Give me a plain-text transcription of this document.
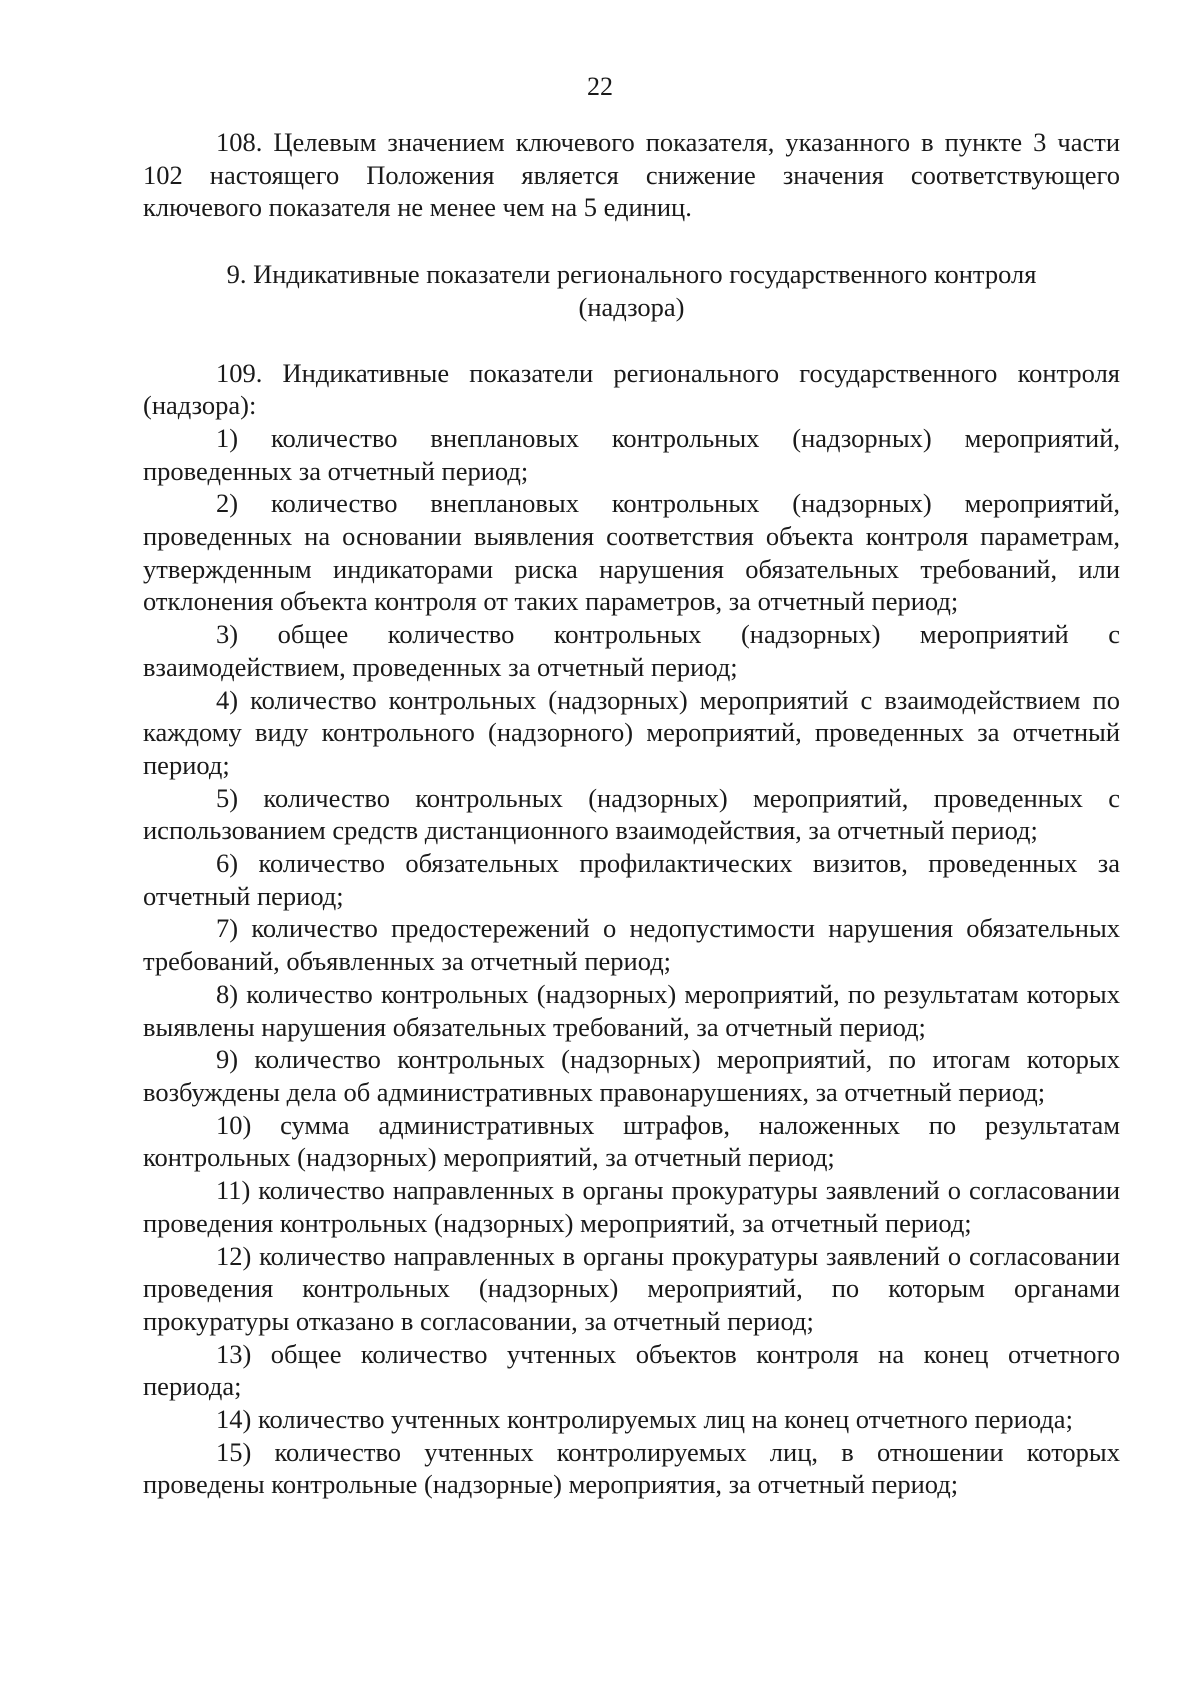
22

108. Целевым значением ключевого показателя, указанного в пункте 3 части 102 настоящего Положения является снижение значения соответствующего ключевого показателя не менее чем на 5 единиц.

9. Индикативные показатели регионального государственного контроля (надзора)

109. Индикативные показатели регионального государственного контроля (надзора):

1) количество внеплановых контрольных (надзорных) мероприятий, проведенных за отчетный период;

2) количество внеплановых контрольных (надзорных) мероприятий, проведенных на основании выявления соответствия объекта контроля параметрам, утвержденным индикаторами риска нарушения обязательных требований, или отклонения объекта контроля от таких параметров, за отчетный период;

3) общее количество контрольных (надзорных) мероприятий с взаимодействием, проведенных за отчетный период;

4) количество контрольных (надзорных) мероприятий с взаимодействием по каждому виду контрольного (надзорного) мероприятий, проведенных за отчетный период;

5) количество контрольных (надзорных) мероприятий, проведенных с использованием средств дистанционного взаимодействия, за отчетный период;

6) количество обязательных профилактических визитов, проведенных за отчетный период;

7) количество предостережений о недопустимости нарушения обязательных требований, объявленных за отчетный период;

8) количество контрольных (надзорных) мероприятий, по результатам которых выявлены нарушения обязательных требований, за отчетный период;

9) количество контрольных (надзорных) мероприятий, по итогам которых возбуждены дела об административных правонарушениях, за отчетный период;

10) сумма административных штрафов, наложенных по результатам контрольных (надзорных) мероприятий, за отчетный период;

11) количество направленных в органы прокуратуры заявлений о согласовании проведения контрольных (надзорных) мероприятий, за отчетный период;

12) количество направленных в органы прокуратуры заявлений о согласовании проведения контрольных (надзорных) мероприятий, по которым органами прокуратуры отказано в согласовании, за отчетный период;

13) общее количество учтенных объектов контроля на конец отчетного периода;

14) количество учтенных контролируемых лиц на конец отчетного периода;

15) количество учтенных контролируемых лиц, в отношении которых проведены контрольные (надзорные) мероприятия, за отчетный период;
